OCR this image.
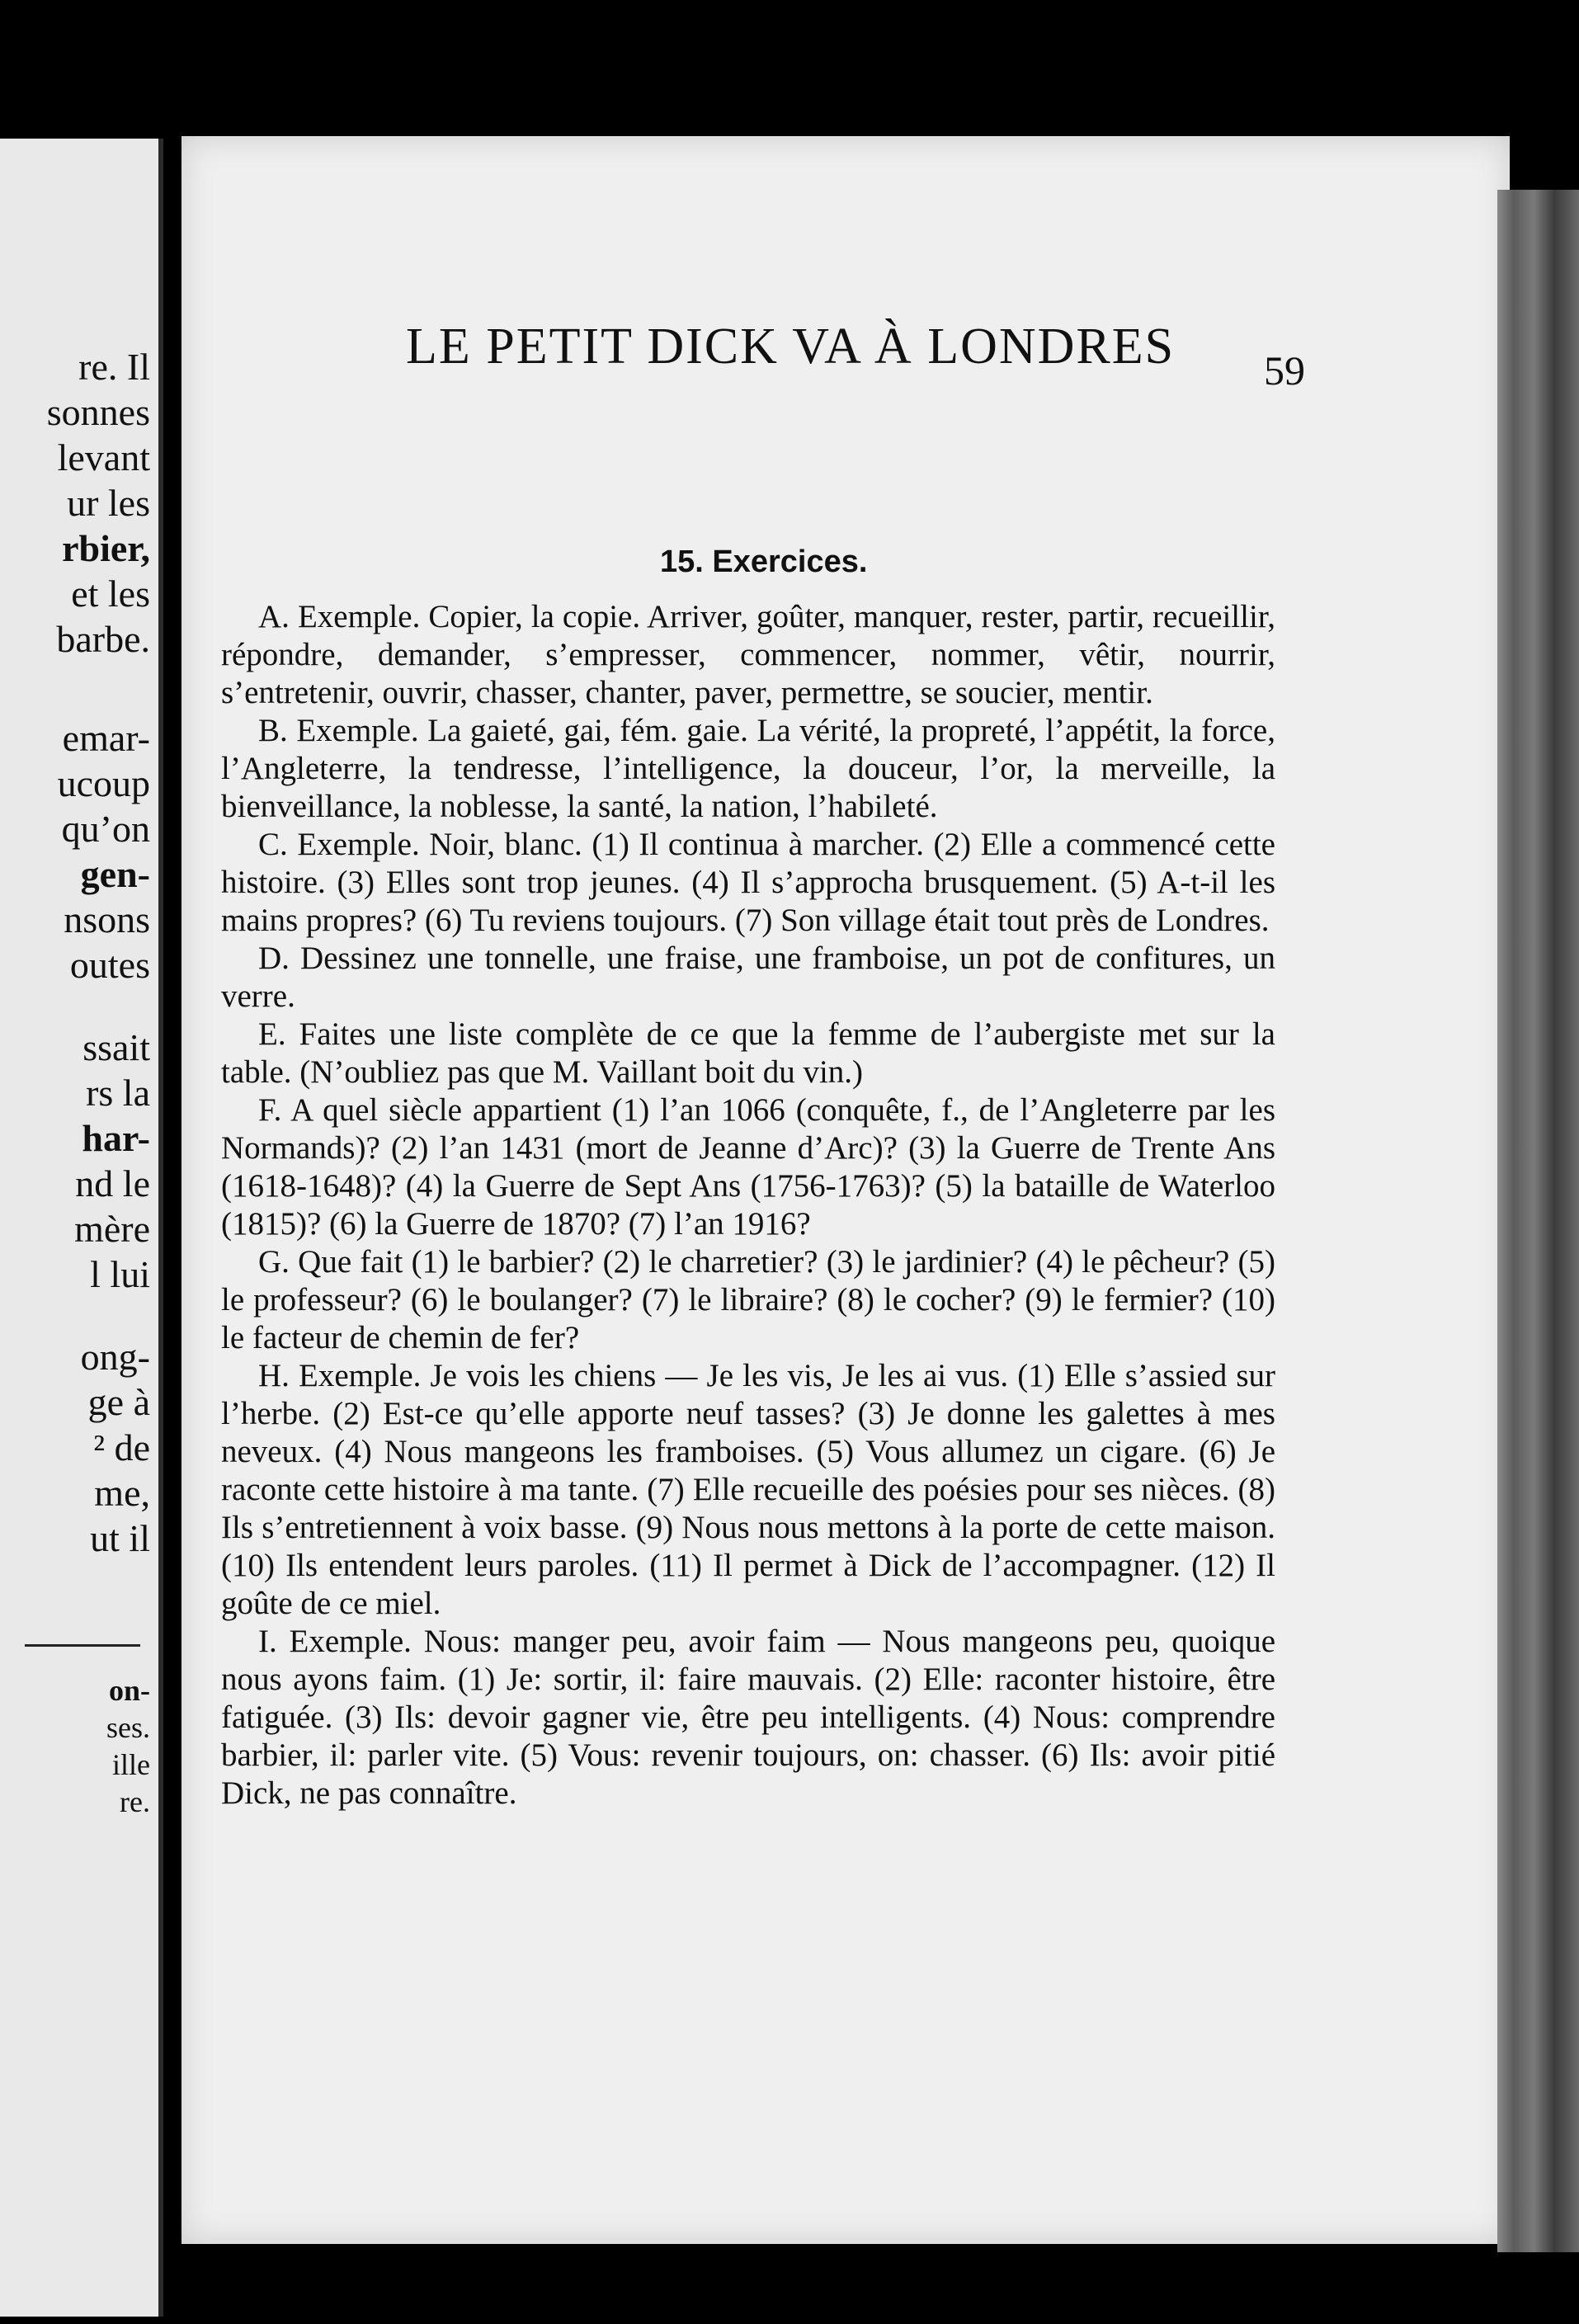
re. Il
sonnes
levant
ur les
rbier,
et les
barbe.
emar-
ucoup
qu’on
gen-
nsons
outes
ssait
rs la
har-
nd le
mère
l lui
ong-
ge à
² de
me,
ut il
on-
ses.
ille
re.
LE PETIT DICK VA À LONDRES 59
15. Exercices.

A. Exemple. Copier, la copie. Arriver, goûter, manquer, rester, partir, recueillir, répondre, demander, s’empresser, commencer, nommer, vêtir, nourrir, s’entretenir, ouvrir, chasser, chanter, paver, permettre, se soucier, mentir.

B. Exemple. La gaieté, gai, fém. gaie. La vérité, la propreté, l’appétit, la force, l’Angleterre, la tendresse, l’intelligence, la douceur, l’or, la merveille, la bienveillance, la noblesse, la santé, la nation, l’habileté.

C. Exemple. Noir, blanc. (1) Il continua à marcher. (2) Elle a commencé cette histoire. (3) Elles sont trop jeunes. (4) Il s’approcha brusquement. (5) A-t-il les mains propres? (6) Tu reviens toujours. (7) Son village était tout près de Londres.

D. Dessinez une tonnelle, une fraise, une framboise, un pot de confitures, un verre.

E. Faites une liste complète de ce que la femme de l’aubergiste met sur la table. (N’oubliez pas que M. Vaillant boit du vin.)

F. A quel siècle appartient (1) l’an 1066 (conquête, f., de l’Angleterre par les Normands)? (2) l’an 1431 (mort de Jeanne d’Arc)? (3) la Guerre de Trente Ans (1618-1648)? (4) la Guerre de Sept Ans (1756-1763)? (5) la bataille de Waterloo (1815)? (6) la Guerre de 1870? (7) l’an 1916?

G. Que fait (1) le barbier? (2) le charretier? (3) le jardinier? (4) le pêcheur? (5) le professeur? (6) le boulanger? (7) le libraire? (8) le cocher? (9) le fermier? (10) le facteur de chemin de fer?

H. Exemple. Je vois les chiens — Je les vis, Je les ai vus. (1) Elle s’assied sur l’herbe. (2) Est-ce qu’elle apporte neuf tasses? (3) Je donne les galettes à mes neveux. (4) Nous mangeons les framboises. (5) Vous allumez un cigare. (6) Je raconte cette histoire à ma tante. (7) Elle recueille des poésies pour ses nièces. (8) Ils s’entretiennent à voix basse. (9) Nous nous mettons à la porte de cette maison. (10) Ils entendent leurs paroles. (11) Il permet à Dick de l’accompagner. (12) Il goûte de ce miel.

I. Exemple. Nous: manger peu, avoir faim — Nous mangeons peu, quoique nous ayons faim. (1) Je: sortir, il: faire mauvais. (2) Elle: raconter histoire, être fatiguée. (3) Ils: devoir gagner vie, être peu intelligents. (4) Nous: comprendre barbier, il: parler vite. (5) Vous: revenir toujours, on: chasser. (6) Ils: avoir pitié Dick, ne pas connaître.
